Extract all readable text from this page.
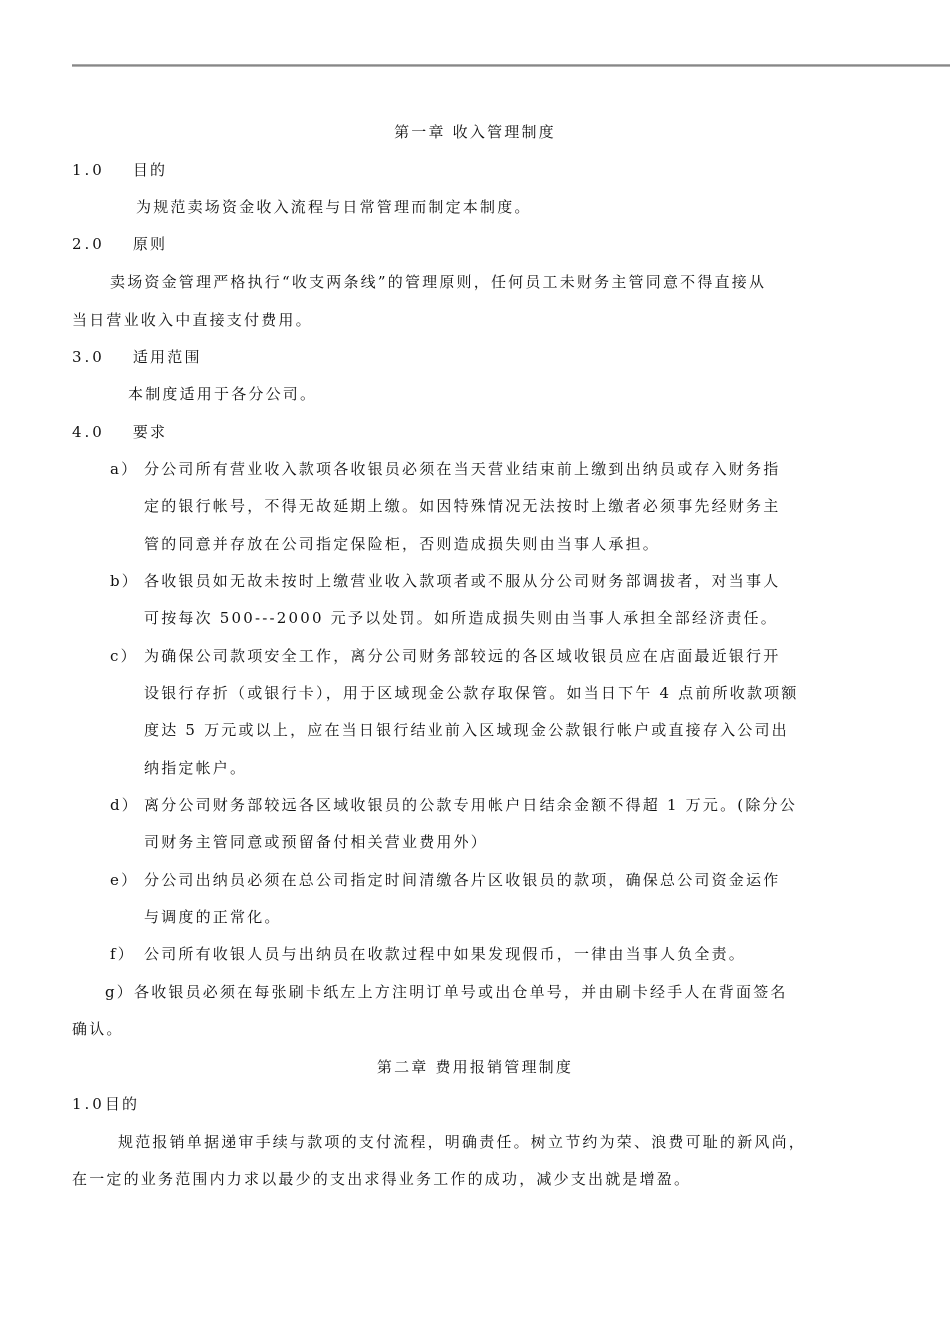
第一章 收入管理制度
1.0 目的
为规范卖场资金收入流程与日常管理而制定本制度。
2.0 原则
卖场资金管理严格执行“收支两条线”的管理原则，任何员工未财务主管同意不得直接从
当日营业收入中直接支付费用。
3.0 适用范围
本制度适用于各分公司。
4.0 要求
a） 分公司所有营业收入款项各收银员必须在当天营业结束前上缴到出纳员或存入财务指
定的银行帐号，不得无故延期上缴。如因特殊情况无法按时上缴者必须事先经财务主
管的同意并存放在公司指定保险柜，否则造成损失则由当事人承担。
b） 各收银员如无故未按时上缴营业收入款项者或不服从分公司财务部调拔者，对当事人
可按每次 500---2000 元予以处罚。如所造成损失则由当事人承担全部经济责任。
c） 为确保公司款项安全工作，离分公司财务部较远的各区域收银员应在店面最近银行开
设银行存折（或银行卡），用于区域现金公款存取保管。如当日下午 4 点前所收款项额
度达 5 万元或以上，应在当日银行结业前入区域现金公款银行帐户或直接存入公司出
纳指定帐户。
d） 离分公司财务部较远各区域收银员的公款专用帐户日结余金额不得超 1 万元。(除分公
司财务主管同意或预留备付相关营业费用外）
e） 分公司出纳员必须在总公司指定时间清缴各片区收银员的款项，确保总公司资金运作
与调度的正常化。
f） 公司所有收银人员与出纳员在收款过程中如果发现假币，一律由当事人负全责。
g）各收银员必须在每张刷卡纸左上方注明订单号或出仓单号，并由刷卡经手人在背面签名
确认。
第二章 费用报销管理制度
1.0目的
规范报销单据递审手续与款项的支付流程，明确责任。树立节约为荣、浪费可耻的新风尚，
在一定的业务范围内力求以最少的支出求得业务工作的成功，减少支出就是增盈。
